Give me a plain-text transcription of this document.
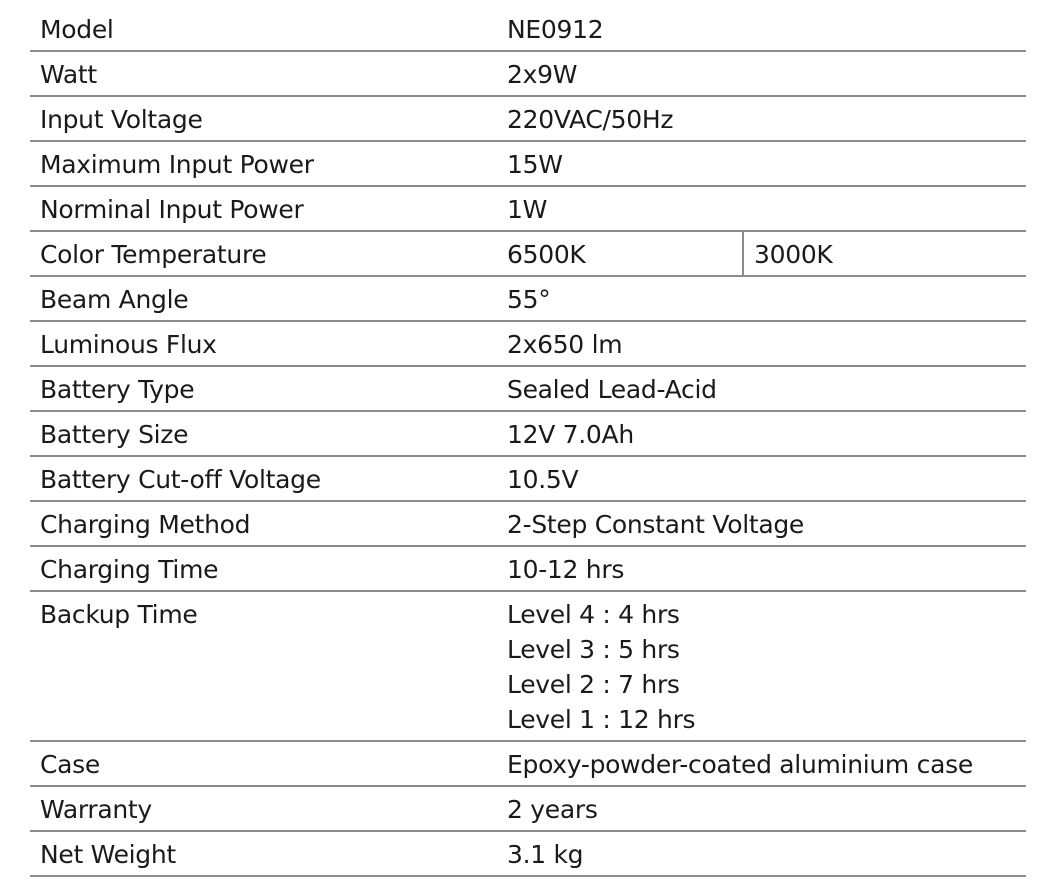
Model	NE0912	
Watt	2x9W	
Input Voltage	220VAC/50Hz	
Maximum Input Power	15W	
Norminal Input Power	1W	
Color Temperature	6500K	3000K
Beam Angle	55°	
Luminous Flux	2x650 lm	
Battery Type	Sealed Lead-Acid	
Battery Size	12V 7.0Ah	
Battery Cut-off Voltage	10.5V	
Charging Method	2-Step Constant Voltage	
Charging Time	10-12 hrs	
Backup Time	Level 4 : 4 hrs
Level 3 : 5 hrs
Level 2 : 7 hrs
Level 1 : 12 hrs	

Case	Epoxy-powder-coated aluminium case	
Warranty	2 years	
Net Weight	3.1 kg	
